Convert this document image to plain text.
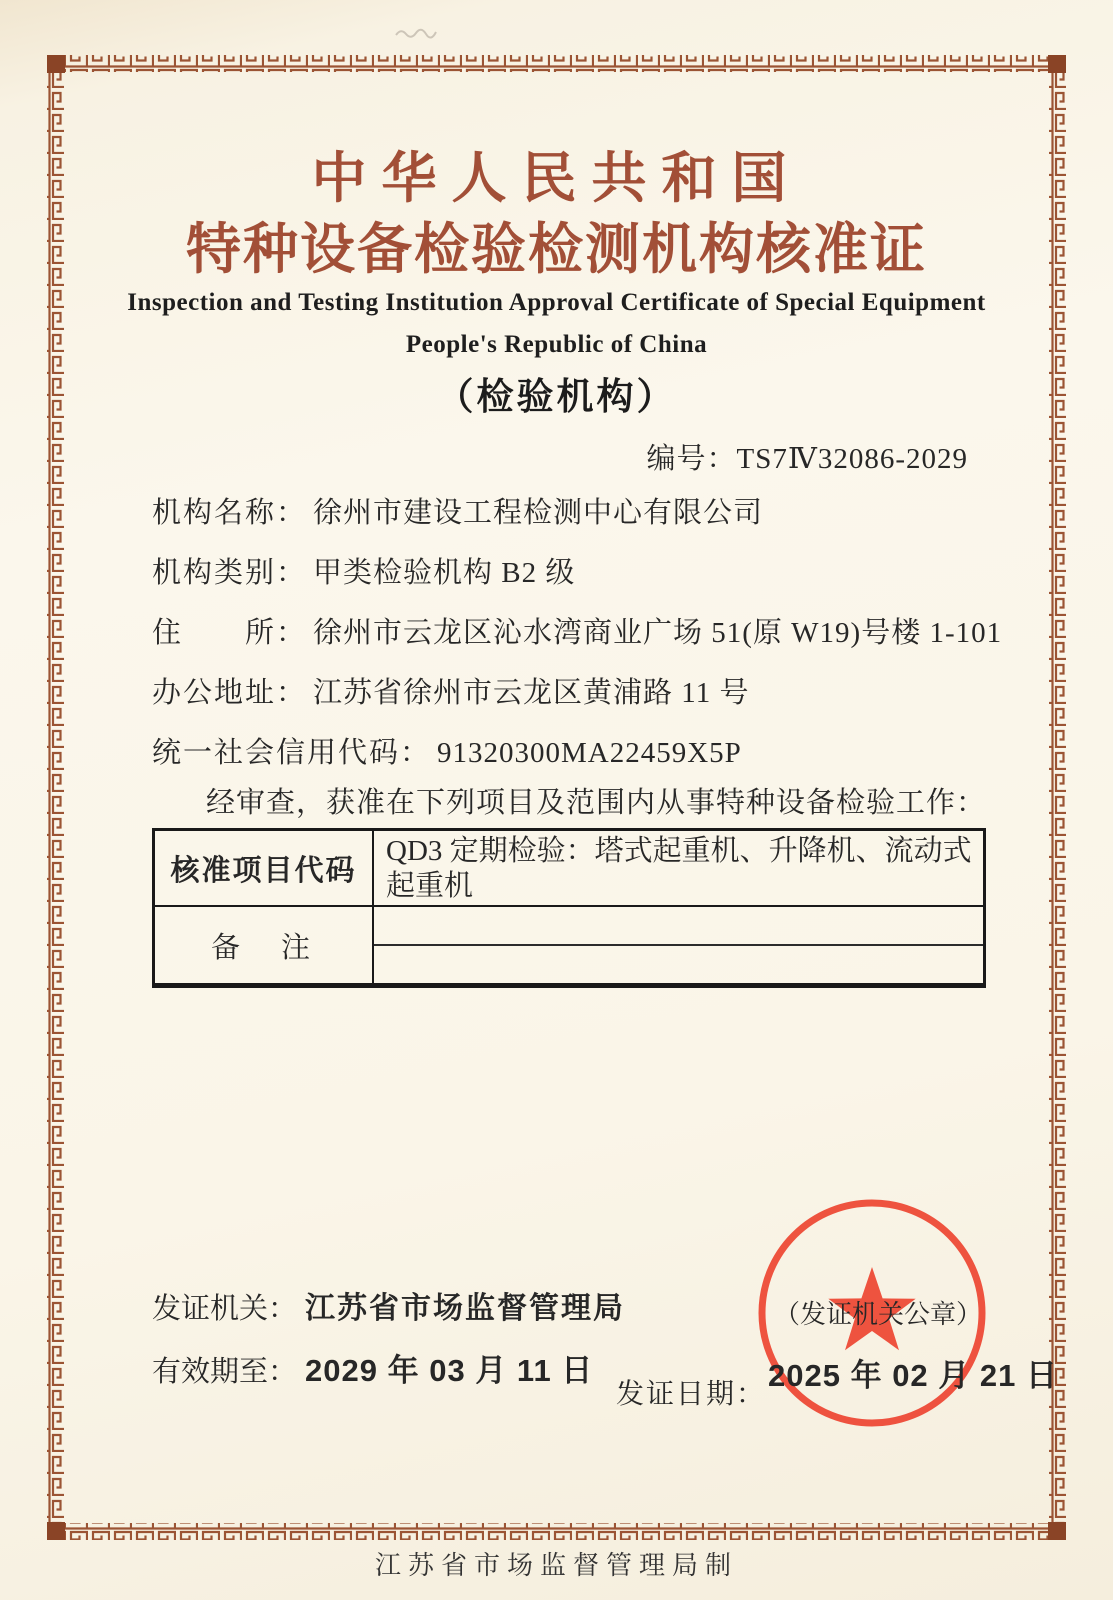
中华人民共和国
特种设备检验检测机构核准证
Inspection and Testing Institution Approval Certificate of Special Equipment
People's Republic of China
（检验机构）
编号：TS7Ⅳ32086-2029
机构名称： 徐州市建设工程检测中心有限公司
机构类别： 甲类检验机构 B2 级
住　　所： 徐州市云龙区沁水湾商业广场 51(原 W19)号楼 1-101
办公地址： 江苏省徐州市云龙区黄浦路 11 号
统一社会信用代码： 91320300MA22459X5P
经审查，获准在下列项目及范围内从事特种设备检验工作：
核准项目代码
QD3 定期检验：塔式起重机、升降机、流动式起重机
备　注
发证机关： 江苏省市场监督管理局
有效期至： 2029 年 03 月 11 日
发证日期：
2025 年 02 月 21 日
（发证机关公章）
江苏省市场监督管理局制
